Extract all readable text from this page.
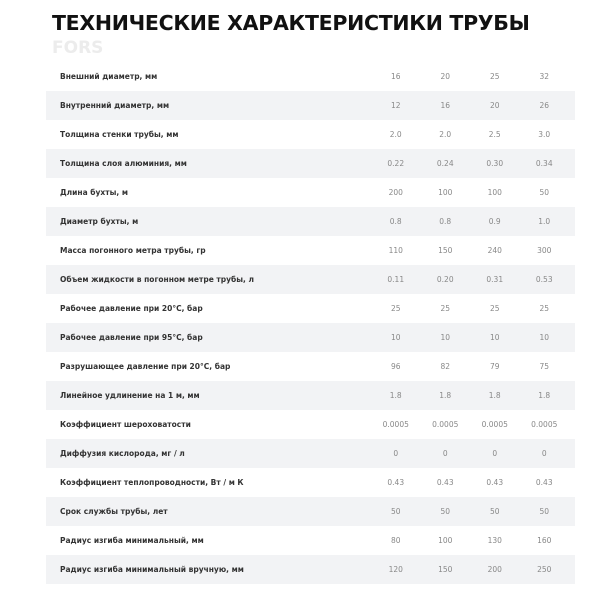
ТЕХНИЧЕСКИЕ ХАРАКТЕРИСТИКИ ТРУБЫ
FORS
Внешний диаметр, мм	16	20	25	32	
Внутренний диаметр, мм	12	16	20	26	
Толщина стенки трубы, мм	2.0	2.0	2.5	3.0	
Толщина слоя алюминия, мм	0.22	0.24	0.30	0.34	
Длина бухты, м	200	100	100	50	
Диаметр бухты, м	0.8	0.8	0.9	1.0	
Масса погонного метра трубы, гр	110	150	240	300	
Объем жидкости в погонном метре трубы, л	0.11	0.20	0.31	0.53	
Рабочее давление при 20°С, бар	25	25	25	25	
Рабочее давление при 95°С, бар	10	10	10	10	
Разрушающее давление при 20°С, бар	96	82	79	75	
Линейное удлинение на 1 м, мм	1.8	1.8	1.8	1.8	
Коэффициент шероховатости	0.0005	0.0005	0.0005	0.0005	
Диффузия кислорода, мг / л	0	0	0	0	
Коэффициент теплопроводности, Вт / м К	0.43	0.43	0.43	0.43	
Срок службы трубы, лет	50	50	50	50	
Радиус изгиба минимальный, мм	80	100	130	160	
Радиус изгиба минимальный вручную, мм	120	150	200	250	
